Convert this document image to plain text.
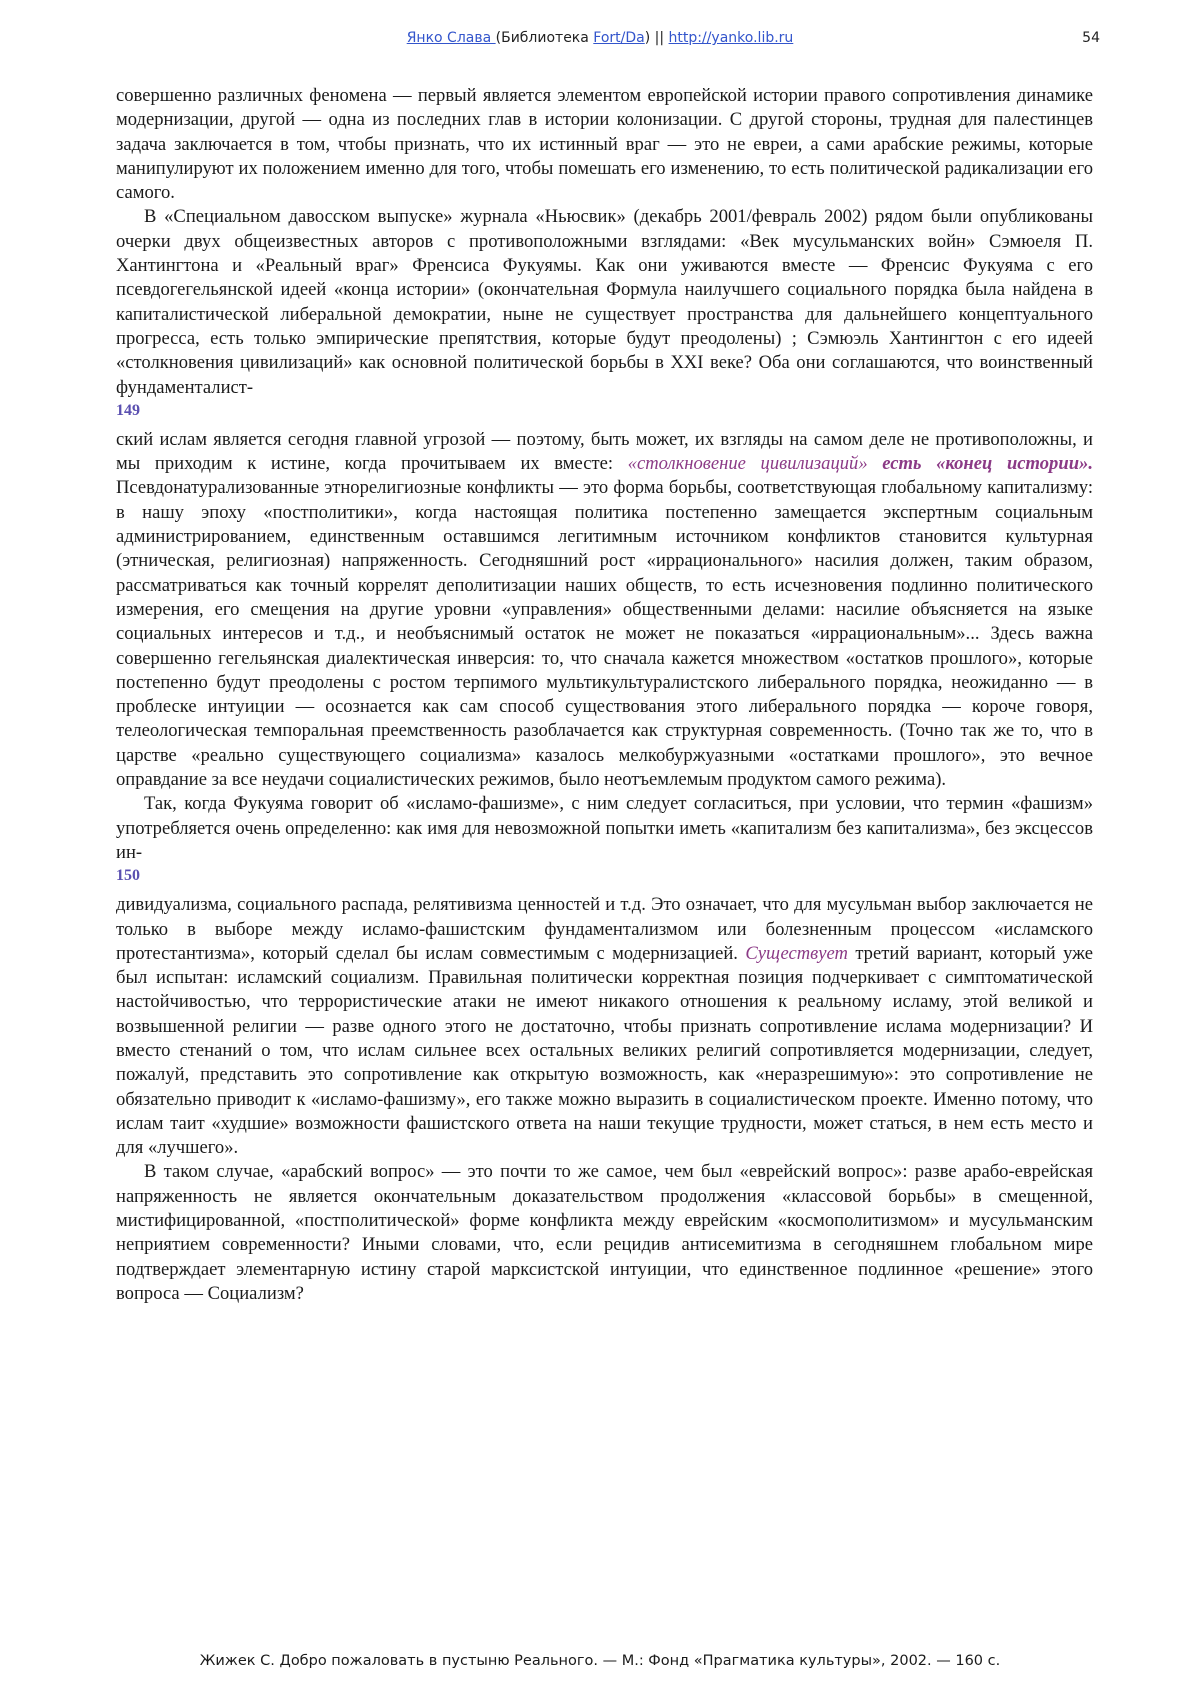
Янко Слава (Библиотека Fort/Da) || http://yanko.lib.ru	54

совершенно различных феномена — первый является элементом европейской истории правого сопротивления динамике модернизации, другой — одна из последних глав в истории колонизации. С другой стороны, трудная для палестинцев задача заключается в том, чтобы признать, что их истинный враг — это не евреи, а сами арабские режимы, которые манипулируют их положением именно для того, чтобы помешать его изменению, то есть политической радикализации его самого.

В «Специальном давосском выпуске» журнала «Ньюсвик» (декабрь 2001/февраль 2002) рядом были опубликованы очерки двух общеизвестных авторов с противоположными взглядами: «Век мусульманских войн» Сэмюеля П. Хантингтона и «Реальный враг» Френсиса Фукуямы. Как они уживаются вместе — Френсис Фукуяма с его псевдогегельянской идеей «конца истории» (окончательная Формула наилучшего социального порядка была найдена в капиталистической либеральной демократии, ныне не существует пространства для дальнейшего концептуального прогресса, есть только эмпирические препятствия, которые будут преодолены) ; Сэмюэль Хантингтон с его идеей «столкновения цивилизаций» как основной политической борьбы в XXI веке? Оба они соглашаются, что воинственный фундаменталист-

149

ский ислам является сегодня главной угрозой — поэтому, быть может, их взгляды на самом деле не противоположны, и мы приходим к истине, когда прочитываем их вместе: «столкновение цивилизаций» есть «конец истории». Псевдонатурализованные этнорелигиозные конфликты — это форма борьбы, соответствующая глобальному капитализму: в нашу эпоху «постполитики», когда настоящая политика постепенно замещается экспертным социальным администрированием, единственным оставшимся легитимным источником конфликтов становится культурная (этническая, религиозная) напряженность. Сегодняшний рост «иррационального» насилия должен, таким образом, рассматриваться как точный коррелят деполитизации наших обществ, то есть исчезновения подлинно политического измерения, его смещения на другие уровни «управления» общественными делами: насилие объясняется на языке социальных интересов и т.д., и необъяснимый остаток не может не показаться «иррациональным»... Здесь важна совершенно гегельянская диалектическая инверсия: то, что сначала кажется множеством «остатков прошлого», которые постепенно будут преодолены с ростом терпимого мультикультуралистского либерального порядка, неожиданно — в проблеске интуиции — осознается как сам способ существования этого либерального порядка — короче говоря, телеологическая темпоральная преемственность разоблачается как структурная современность. (Точно так же то, что в царстве «реально существующего социализма» казалось мелкобуржуазными «остатками прошлого», это вечное оправдание за все неудачи социалистических режимов, было неотъемлемым продуктом самого режима).

Так, когда Фукуяма говорит об «исламо-фашизме», с ним следует согласиться, при условии, что термин «фашизм» употребляется очень определенно: как имя для невозможной попытки иметь «капитализм без капитализма», без эксцессов ин-

150

дивидуализма, социального распада, релятивизма ценностей и т.д. Это означает, что для мусульман выбор заключается не только в выборе между исламо-фашистским фундаментализмом или болезненным процессом «исламского протестантизма», который сделал бы ислам совместимым с модернизацией. Существует третий вариант, который уже был испытан: исламский социализм. Правильная политически корректная позиция подчеркивает с симптоматической настойчивостью, что террористические атаки не имеют никакого отношения к реальному исламу, этой великой и возвышенной религии — разве одного этого не достаточно, чтобы признать сопротивление ислама модернизации? И вместо стенаний о том, что ислам сильнее всех остальных великих религий сопротивляется модернизации, следует, пожалуй, представить это сопротивление как открытую возможность, как «неразрешимую»: это сопротивление не обязательно приводит к «исламо-фашизму», его также можно выразить в социалистическом проекте. Именно потому, что ислам таит «худшие» возможности фашистского ответа на наши текущие трудности, может статься, в нем есть место и для «лучшего».

В таком случае, «арабский вопрос» — это почти то же самое, чем был «еврейский вопрос»: разве арабо-еврейская напряженность не является окончательным доказательством продолжения «классовой борьбы» в смещенной, мистифицированной, «постполитической» форме конфликта между еврейским «космополитизмом» и мусульманским неприятием современности? Иными словами, что, если рецидив антисемитизма в сегодняшнем глобальном мире подтверждает элементарную истину старой марксистской интуиции, что единственное подлинное «решение» этого вопроса — Социализм?

Жижек С. Добро пожаловать в пустыню Реального. — М.: Фонд «Прагматика культуры», 2002. — 160 с.
